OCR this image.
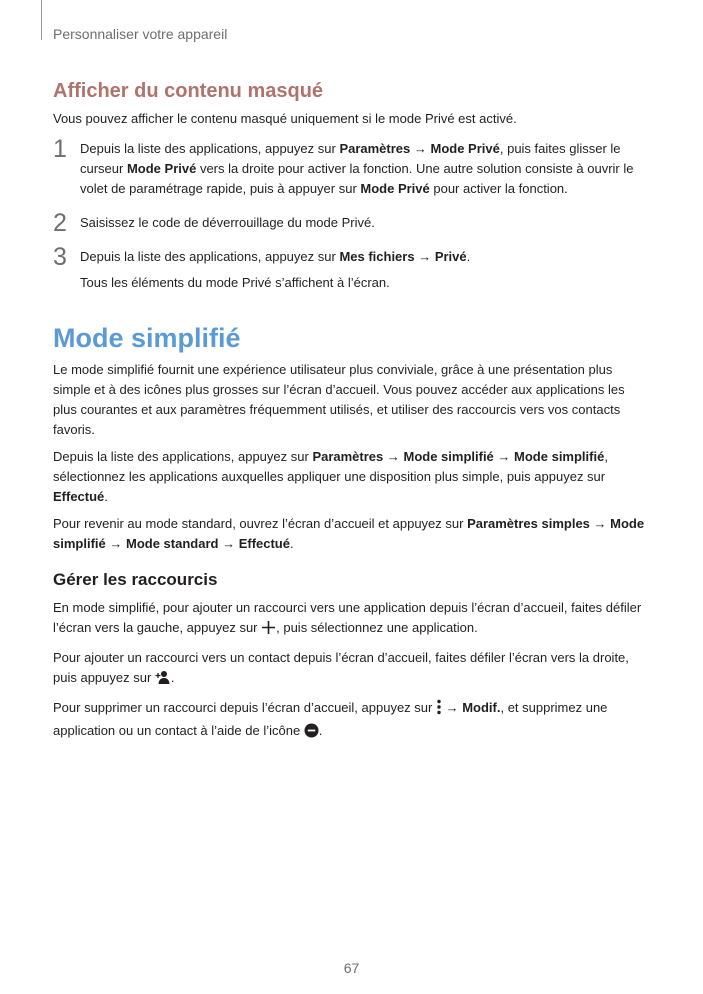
Personnaliser votre appareil
Afficher du contenu masqué

Vous pouvez afficher le contenu masqué uniquement si le mode Privé est activé.

1 Depuis la liste des applications, appuyez sur Paramètres → Mode Privé, puis faites glisser le curseur Mode Privé vers la droite pour activer la fonction. Une autre solution consiste à ouvrir le volet de paramétrage rapide, puis à appuyer sur Mode Privé pour activer la fonction.

2 Saisissez le code de déverrouillage du mode Privé.

3 Depuis la liste des applications, appuyez sur Mes fichiers → Privé.

Tous les éléments du mode Privé s’affichent à l’écran.

Mode simplifié

Le mode simplifié fournit une expérience utilisateur plus conviviale, grâce à une présentation plus simple et à des icônes plus grosses sur l’écran d’accueil. Vous pouvez accéder aux applications les plus courantes et aux paramètres fréquemment utilisés, et utiliser des raccourcis vers vos contacts favoris.

Depuis la liste des applications, appuyez sur Paramètres → Mode simplifié → Mode simplifié, sélectionnez les applications auxquelles appliquer une disposition plus simple, puis appuyez sur Effectué.

Pour revenir au mode standard, ouvrez l’écran d’accueil et appuyez sur Paramètres simples → Mode simplifié → Mode standard → Effectué.

Gérer les raccourcis

En mode simplifié, pour ajouter un raccourci vers une application depuis l’écran d’accueil, faites défiler l’écran vers la gauche, appuyez sur , puis sélectionnez une application.

Pour ajouter un raccourci vers un contact depuis l’écran d’accueil, faites défiler l’écran vers la droite, puis appuyez sur .

Pour supprimer un raccourci depuis l’écran d’accueil, appuyez sur  → Modif., et supprimez une application ou un contact à l’aide de l’icône .

67
